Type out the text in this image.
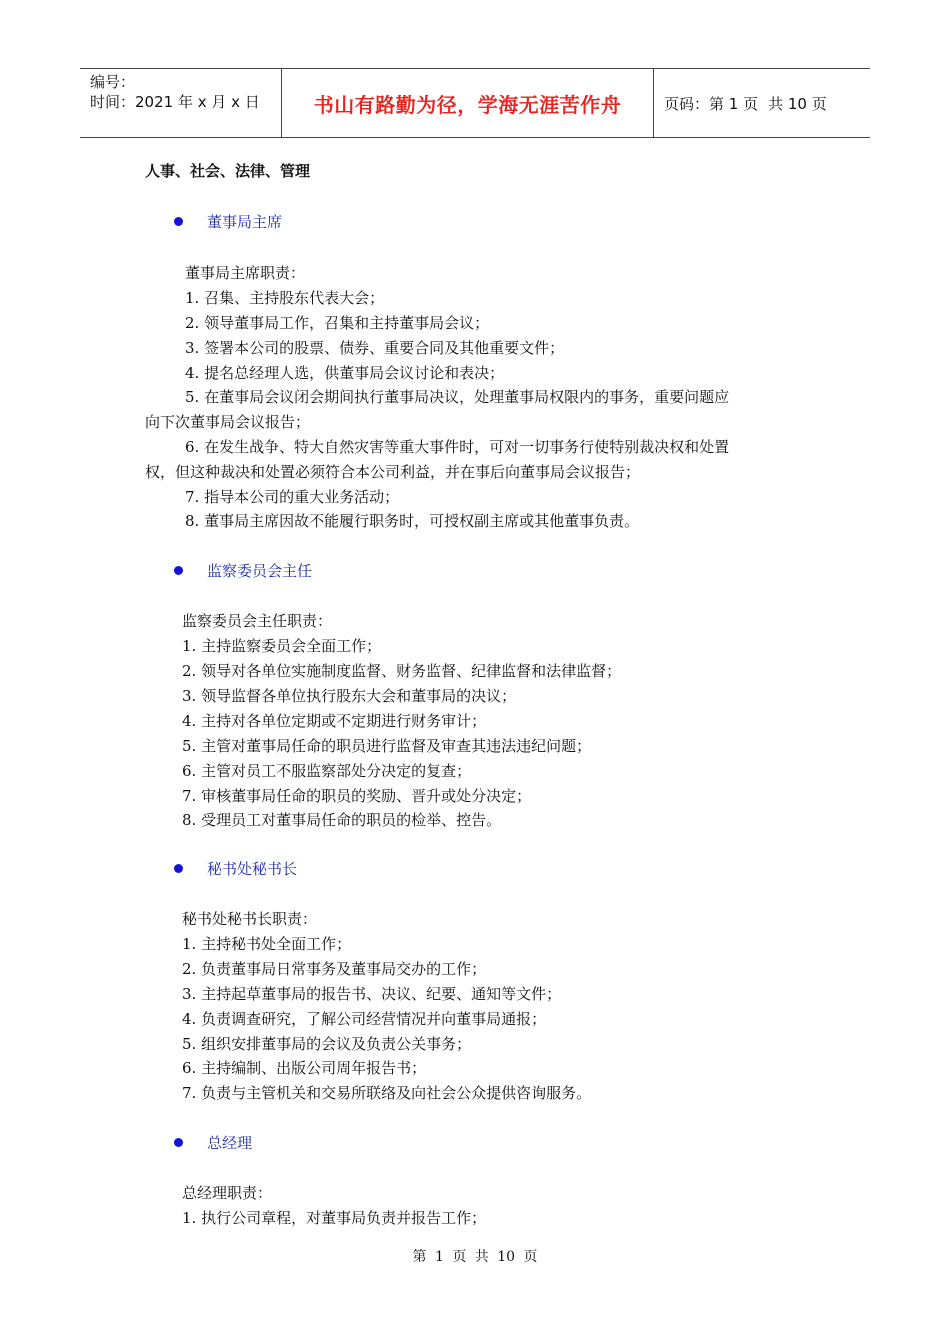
编号：
时间：2021 年 x 月 x 日	书山有路勤为径，学海无涯苦作舟	页码：第 1 页 共 10 页
人事、社会、法律、管理
董事局主席
董事局主席职责：
1. 召集、主持股东代表大会；
2. 领导董事局工作，召集和主持董事局会议；
3. 签署本公司的股票、债券、重要合同及其他重要文件；
4. 提名总经理人选，供董事局会议讨论和表决；
5. 在董事局会议闭会期间执行董事局决议，处理董事局权限内的事务，重要问题应
向下次董事局会议报告；
6. 在发生战争、特大自然灾害等重大事件时，可对一切事务行使特别裁决权和处置
权，但这种裁决和处置必须符合本公司利益，并在事后向董事局会议报告；
7. 指导本公司的重大业务活动；
8. 董事局主席因故不能履行职务时，可授权副主席或其他董事负责。
监察委员会主任
监察委员会主任职责：
1. 主持监察委员会全面工作；
2. 领导对各单位实施制度监督、财务监督、纪律监督和法律监督；
3. 领导监督各单位执行股东大会和董事局的决议；
4. 主持对各单位定期或不定期进行财务审计；
5. 主管对董事局任命的职员进行监督及审查其违法违纪问题；
6. 主管对员工不服监察部处分决定的复查；
7. 审核董事局任命的职员的奖励、晋升或处分决定；
8. 受理员工对董事局任命的职员的检举、控告。
秘书处秘书长
秘书处秘书长职责：
1. 主持秘书处全面工作；
2. 负责董事局日常事务及董事局交办的工作；
3. 主持起草董事局的报告书、决议、纪要、通知等文件；
4. 负责调查研究，了解公司经营情况并向董事局通报；
5. 组织安排董事局的会议及负责公关事务；
6. 主持编制、出版公司周年报告书；
7. 负责与主管机关和交易所联络及向社会公众提供咨询服务。
总经理
总经理职责：
1. 执行公司章程，对董事局负责并报告工作；
第 1 页 共 10 页
